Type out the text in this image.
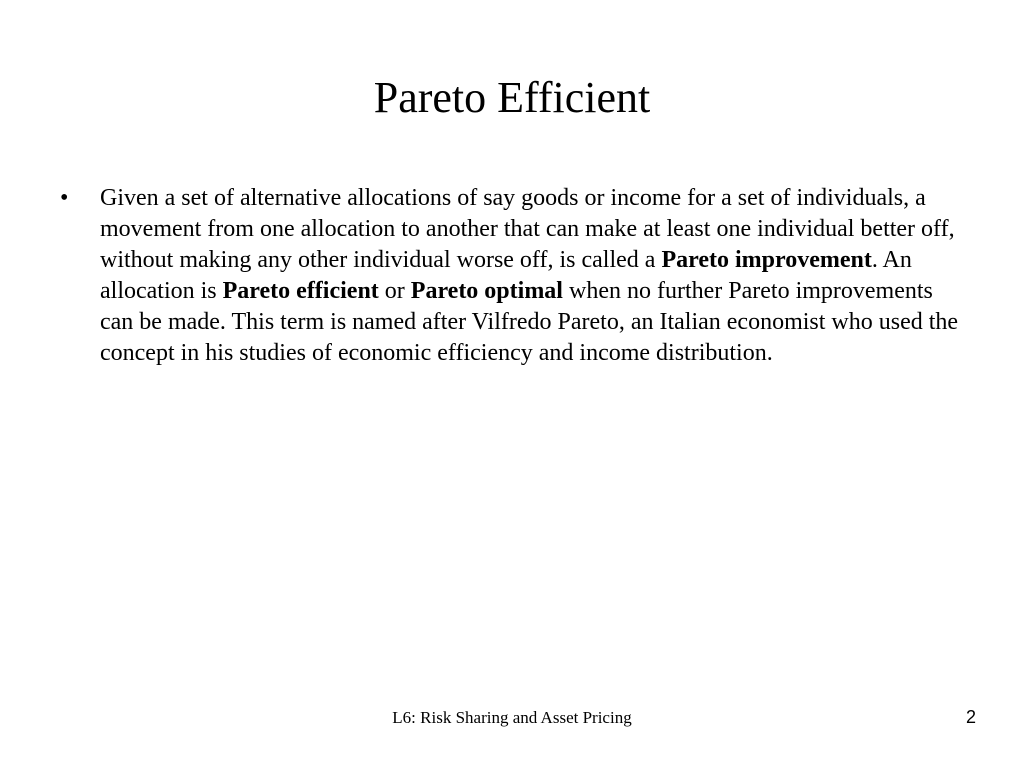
Pareto Efficient
• Given a set of alternative allocations of say goods or income for a set of individuals, a movement from one allocation to another that can make at least one individual better off, without making any other individual worse off, is called a Pareto improvement. An allocation is Pareto efficient or Pareto optimal when no further Pareto improvements can be made. This term is named after Vilfredo Pareto, an Italian economist who used the concept in his studies of economic efficiency and income distribution.
L6: Risk Sharing and Asset Pricing	2
